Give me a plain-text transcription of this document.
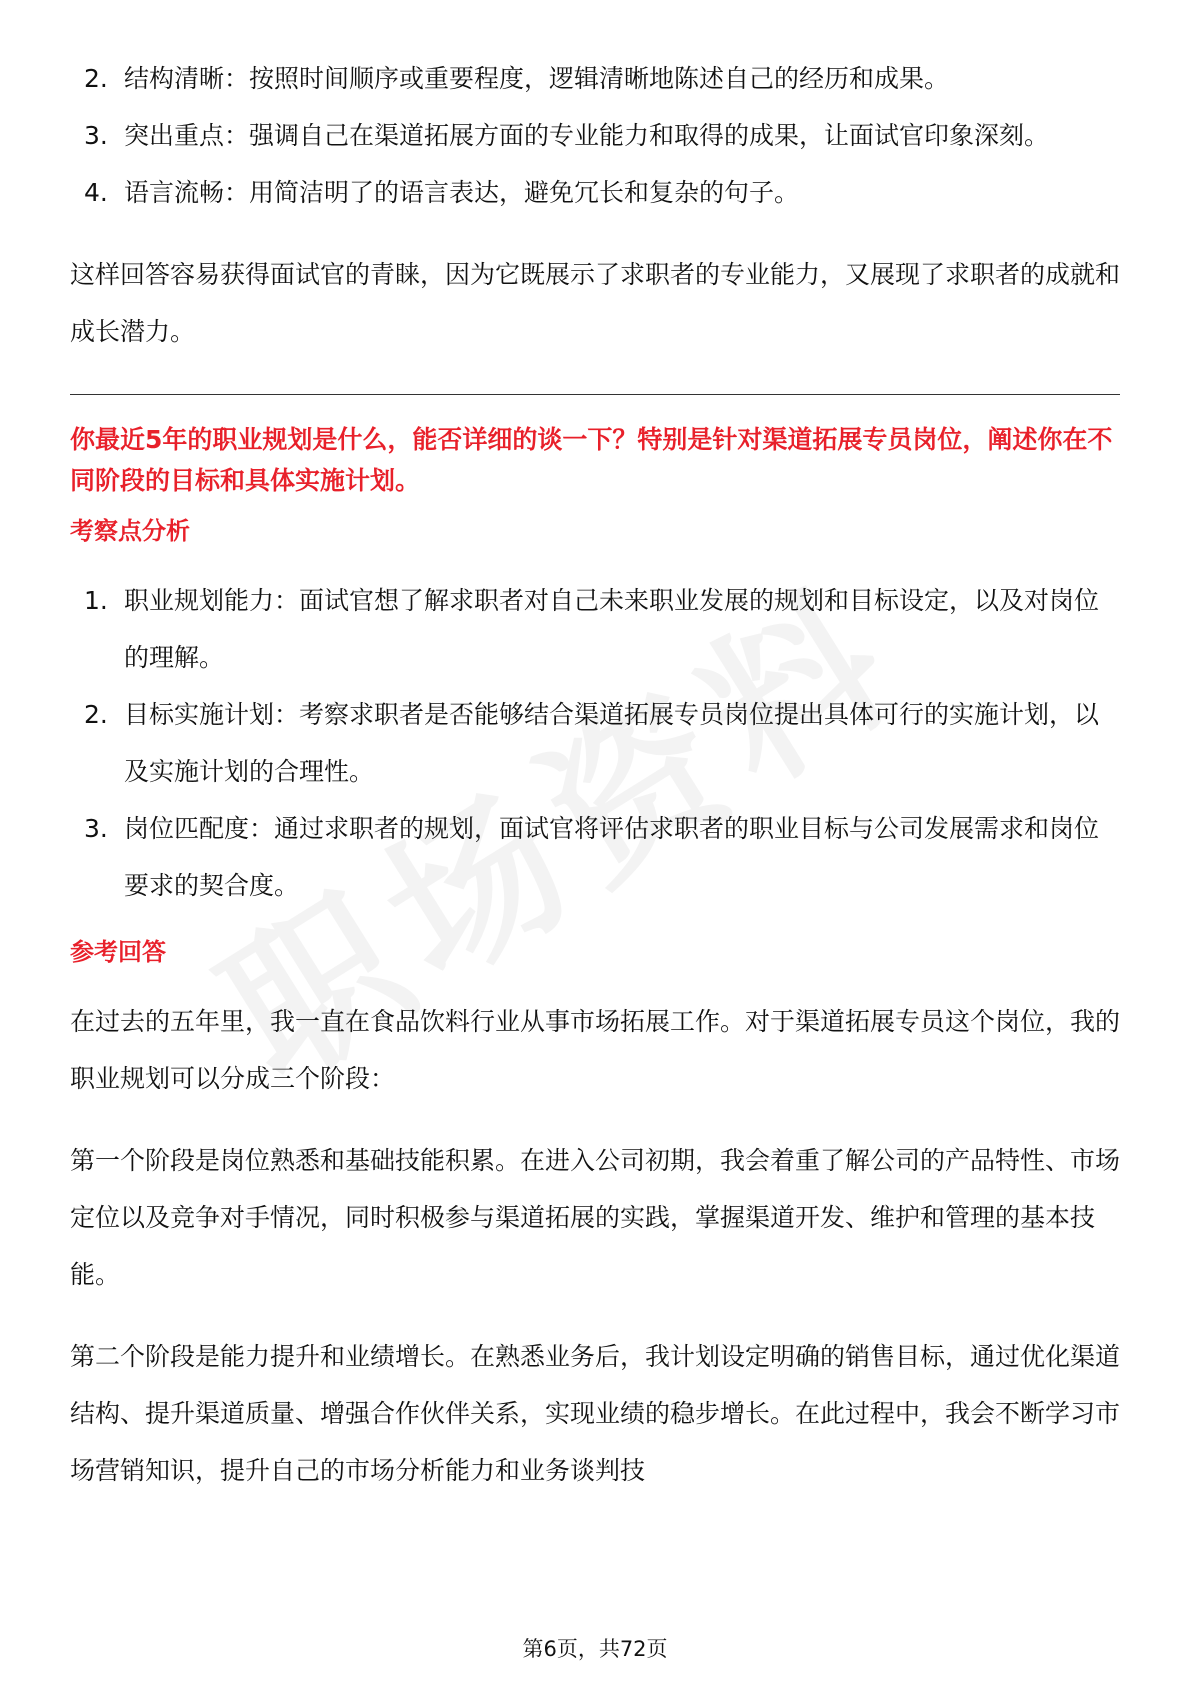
2. 结构清晰：按照时间顺序或重要程度，逻辑清晰地陈述自己的经历和成果。
3. 突出重点：强调自己在渠道拓展方面的专业能力和取得的成果，让面试官印象深刻。
4. 语言流畅：用简洁明了的语言表达，避免冗长和复杂的句子。

这样回答容易获得面试官的青睐，因为它既展示了求职者的专业能力，又展现了求职者的成就和成长潜力。

你最近5年的职业规划是什么，能否详细的谈一下？特别是针对渠道拓展专员岗位，阐述你在不同阶段的目标和具体实施计划。

考察点分析

1. 职业规划能力：面试官想了解求职者对自己未来职业发展的规划和目标设定，以及对岗位的理解。
2. 目标实施计划：考察求职者是否能够结合渠道拓展专员岗位提出具体可行的实施计划，以及实施计划的合理性。
3. 岗位匹配度：通过求职者的规划，面试官将评估求职者的职业目标与公司发展需求和岗位要求的契合度。

参考回答

在过去的五年里，我一直在食品饮料行业从事市场拓展工作。对于渠道拓展专员这个岗位，我的职业规划可以分成三个阶段：

第一个阶段是岗位熟悉和基础技能积累。在进入公司初期，我会着重了解公司的产品特性、市场定位以及竞争对手情况，同时积极参与渠道拓展的实践，掌握渠道开发、维护和管理的基本技能。

第二个阶段是能力提升和业绩增长。在熟悉业务后，我计划设定明确的销售目标，通过优化渠道结构、提升渠道质量、增强合作伙伴关系，实现业绩的稳步增长。在此过程中，我会不断学习市场营销知识，提升自己的市场分析能力和业务谈判技

第6页，共72页
